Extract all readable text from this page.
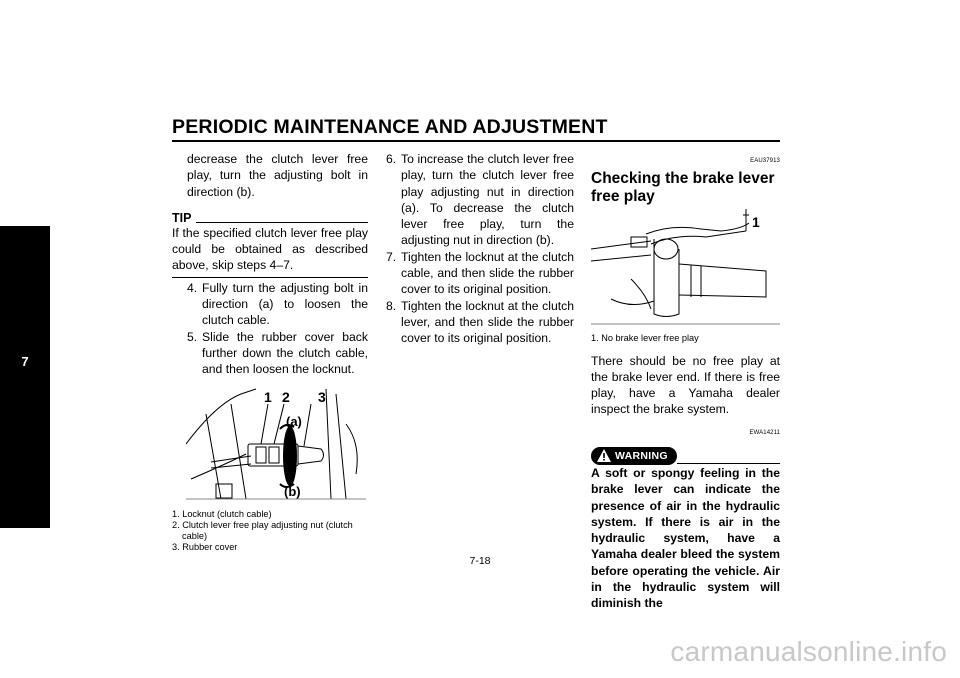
PERIODIC MAINTENANCE AND ADJUSTMENT
7

decrease the clutch lever free play, turn the adjusting bolt in direction (b).

TIP

If the specified clutch lever free play could be obtained as described above, skip steps 4–7.

4. Fully turn the adjusting bolt in direction (a) to loosen the clutch cable.
5. Slide the rubber cover back further down the clutch cable, and then loosen the locknut.
1 2 3
(a)
(b)

1. Locknut (clutch cable)

2. Clutch lever free play adjusting nut (clutch

cable)

3. Rubber cover

6. To increase the clutch lever free play, turn the clutch lever free play adjusting nut in direction (a). To decrease the clutch lever free play, turn the adjusting nut in direction (b).
7. Tighten the locknut at the clutch cable, and then slide the rubber cover to its original position.
8. Tighten the locknut at the clutch lever, and then slide the rubber cover to its original position.
EAU37913
Checking the brake lever free play
1

1. No brake lever free play

There should be no free play at the brake lever end. If there is free play, have a Yamaha dealer inspect the brake system.

EWA14211
WARNING

A soft or spongy feeling in the brake lever can indicate the presence of air in the hydraulic system. If there is air in the hydraulic system, have a Yamaha dealer bleed the system before operating the vehicle. Air in the hydraulic system will diminish the

7-18
carmanualsonline.info
